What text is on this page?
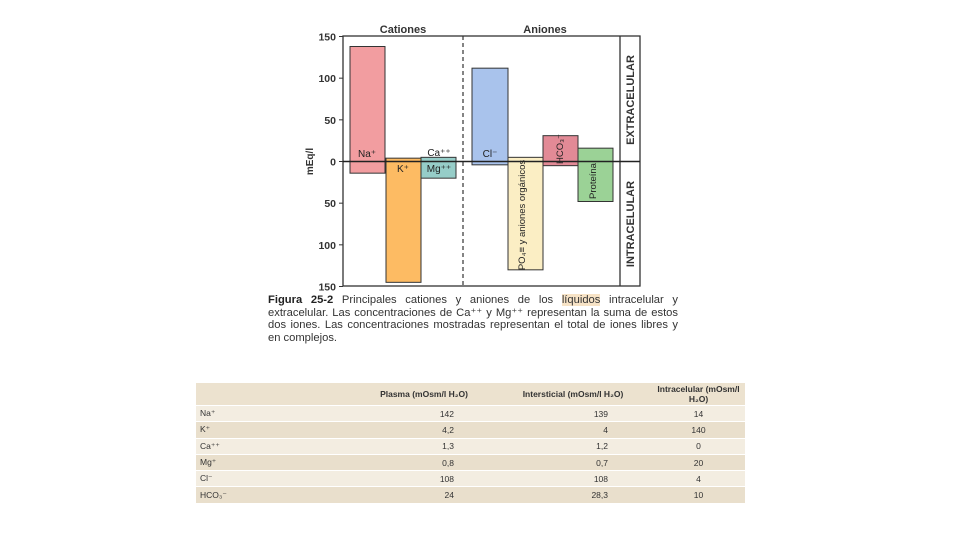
150
100
50
0
50
100
150
mEq/l
Cationes	Aniones
EXTRACELULAR
INTRACELULAR
Na⁺
K⁺
Ca⁺⁺
Mg⁺⁺
Cl⁻
PO₄≡ y aniones orgánicos
HCO₃⁻
Proteína
Figura 25-2 Principales cationes y aniones de los líquidos intracelular y extracelular. Las concentraciones de Ca⁺⁺ y Mg⁺⁺ representan la suma de estos dos iones. Las concentraciones mostradas representan el total de iones libres y en complejos.
	Plasma (mOsm/l H₂O)	Intersticial (mOsm/l H₂O)	Intracelular (mOsm/l H₂O)
Na⁺	142	139	14
K⁺	4,2	4	140
Ca⁺⁺	1,3	1,2	0
Mg⁺	0,8	0,7	20
Cl⁻	108	108	4
HCO₃⁻	24	28,3	10
